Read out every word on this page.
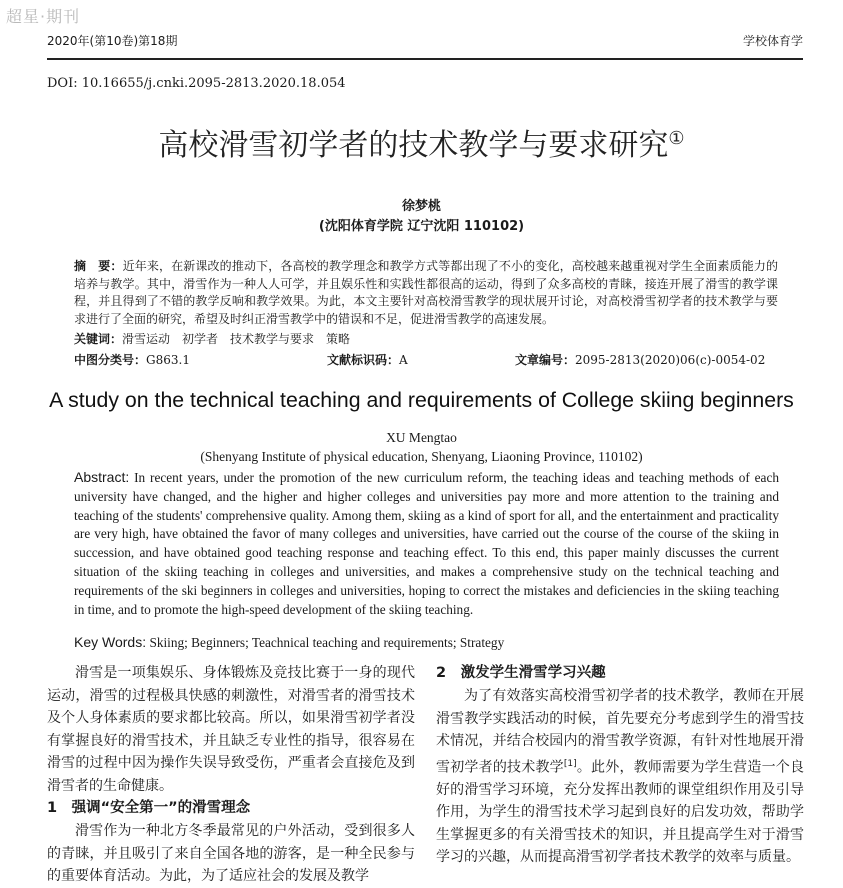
超星·期刊
2020年(第10卷)第18期	学校体育学
DOI: 10.16655/j.cnki.2095-2813.2020.18.054
高校滑雪初学者的技术教学与要求研究①
徐梦桃
(沈阳体育学院 辽宁沈阳 110102)
摘　要：近年来，在新课改的推动下，各高校的教学理念和教学方式等都出现了不小的变化，高校越来越重视对学生全面素质能力的培养与教学。其中，滑雪作为一种人人可学，并且娱乐性和实践性都很高的运动，得到了众多高校的青睐，接连开展了滑雪的教学课程，并且得到了不错的教学反响和教学效果。为此，本文主要针对高校滑雪教学的现状展开讨论，对高校滑雪初学者的技术教学与要求进行了全面的研究，希望及时纠正滑雪教学中的错误和不足，促进滑雪教学的高速发展。
关键词：滑雪运动　初学者　技术教学与要求　策略
中图分类号：G863.1	文献标识码：A	文章编号：2095-2813(2020)06(c)-0054-02
A study on the technical teaching and requirements of College skiing beginners
XU Mengtao
(Shenyang Institute of physical education, Shenyang, Liaoning Province, 110102)
Abstract: In recent years, under the promotion of the new curriculum reform, the teaching ideas and teaching methods of each university have changed, and the higher and higher colleges and universities pay more and more attention to the training and teaching of the students' comprehensive quality. Among them, skiing as a kind of sport for all, and the entertainment and practicality are very high, have obtained the favor of many colleges and universities, have carried out the course of the course of the skiing in succession, and have obtained good teaching response and teaching effect. To this end, this paper mainly discusses the current situation of the skiing teaching in colleges and universities, and makes a comprehensive study on the technical teaching and requirements of the ski beginners in colleges and universities, hoping to correct the mistakes and deficiencies in the skiing teaching in time, and to promote the high-speed development of the skiing teaching.
Key Words: Skiing; Beginners; Teachnical teaching and requirements; Strategy

滑雪是一项集娱乐、身体锻炼及竞技比赛于一身的现代运动，滑雪的过程极具快感的刺激性，对滑雪者的滑雪技术及个人身体素质的要求都比较高。所以，如果滑雪初学者没有掌握良好的滑雪技术，并且缺乏专业性的指导，很容易在滑雪的过程中因为操作失误导致受伤，严重者会直接危及到滑雪者的生命健康。

1　强调“安全第一”的滑雪理念

滑雪作为一种北方冬季最常见的户外活动，受到很多人的青睐，并且吸引了来自全国各地的游客，是一种全民参与的重要体育活动。为此，为了适应社会的发展及教学

2　激发学生滑雪学习兴趣

为了有效落实高校滑雪初学者的技术教学，教师在开展滑雪教学实践活动的时候，首先要充分考虑到学生的滑雪技术情况，并结合校园内的滑雪教学资源，有针对性地展开滑雪初学者的技术教学[1]。此外，教师需要为学生营造一个良好的滑雪学习环境，充分发挥出教师的课堂组织作用及引导作用，为学生的滑雪技术学习起到良好的启发功效，帮助学生掌握更多的有关滑雪技术的知识，并且提高学生对于滑雪学习的兴趣，从而提高滑雪初学者技术教学的效率与质量。
